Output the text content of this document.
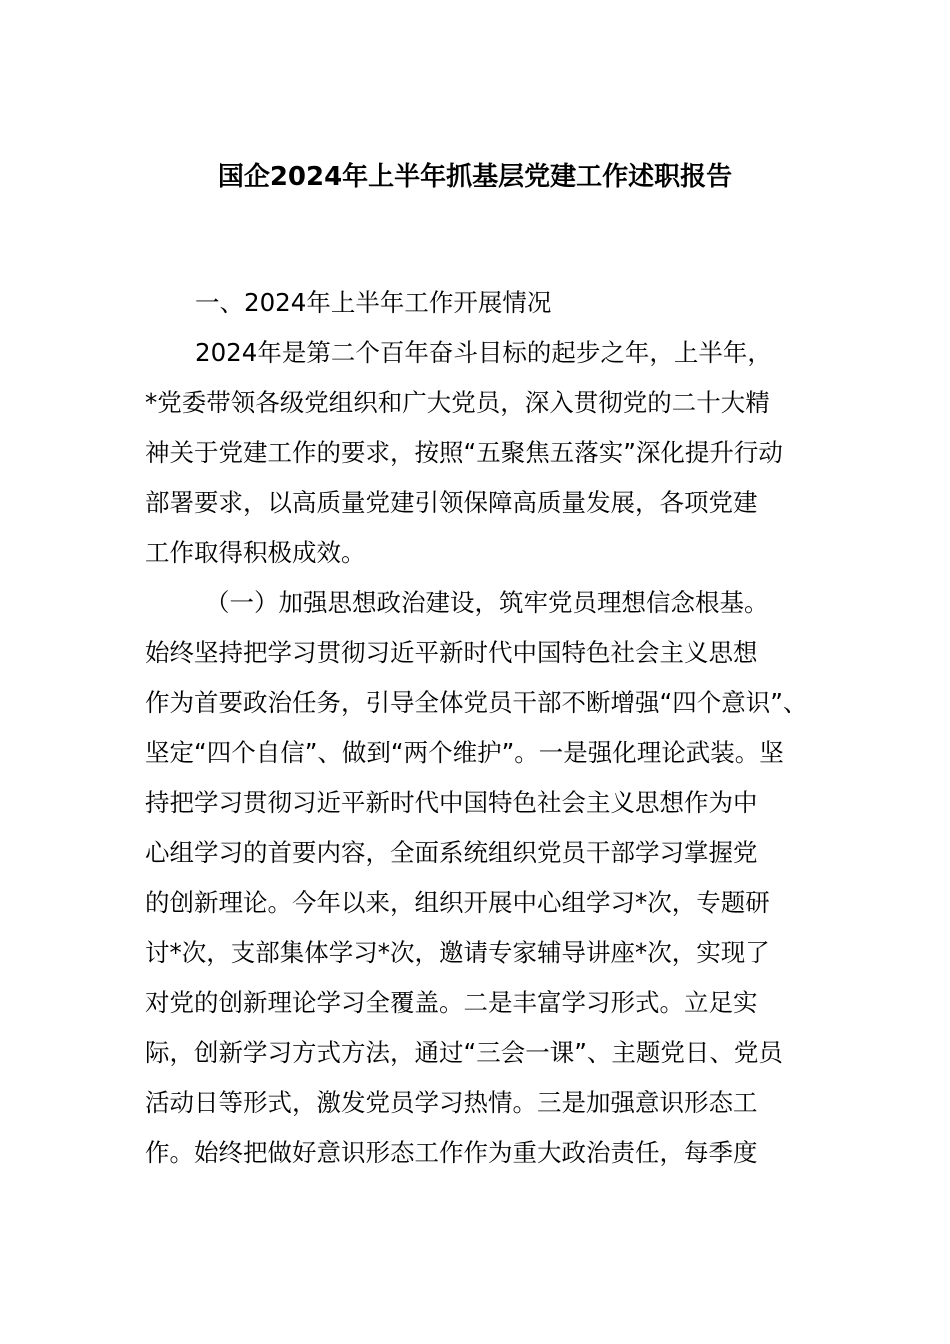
国企2024年上半年抓基层党建工作述职报告
一、2024年上半年工作开展情况
2024年是第二个百年奋斗目标的起步之年，上半年，
*党委带领各级党组织和广大党员，深入贯彻党的二十大精
神关于党建工作的要求，按照“五聚焦五落实”深化提升行动
部署要求，以高质量党建引领保障高质量发展，各项党建
工作取得积极成效。
（一）加强思想政治建设，筑牢党员理想信念根基。
始终坚持把学习贯彻习近平新时代中国特色社会主义思想
作为首要政治任务，引导全体党员干部不断增强“四个意识”、
坚定“四个自信”、做到“两个维护”。一是强化理论武装。坚
持把学习贯彻习近平新时代中国特色社会主义思想作为中
心组学习的首要内容，全面系统组织党员干部学习掌握党
的创新理论。今年以来，组织开展中心组学习*次，专题研
讨*次，支部集体学习*次，邀请专家辅导讲座*次，实现了
对党的创新理论学习全覆盖。二是丰富学习形式。立足实
际，创新学习方式方法，通过“三会一课”、主题党日、党员
活动日等形式，激发党员学习热情。三是加强意识形态工
作。始终把做好意识形态工作作为重大政治责任，每季度
